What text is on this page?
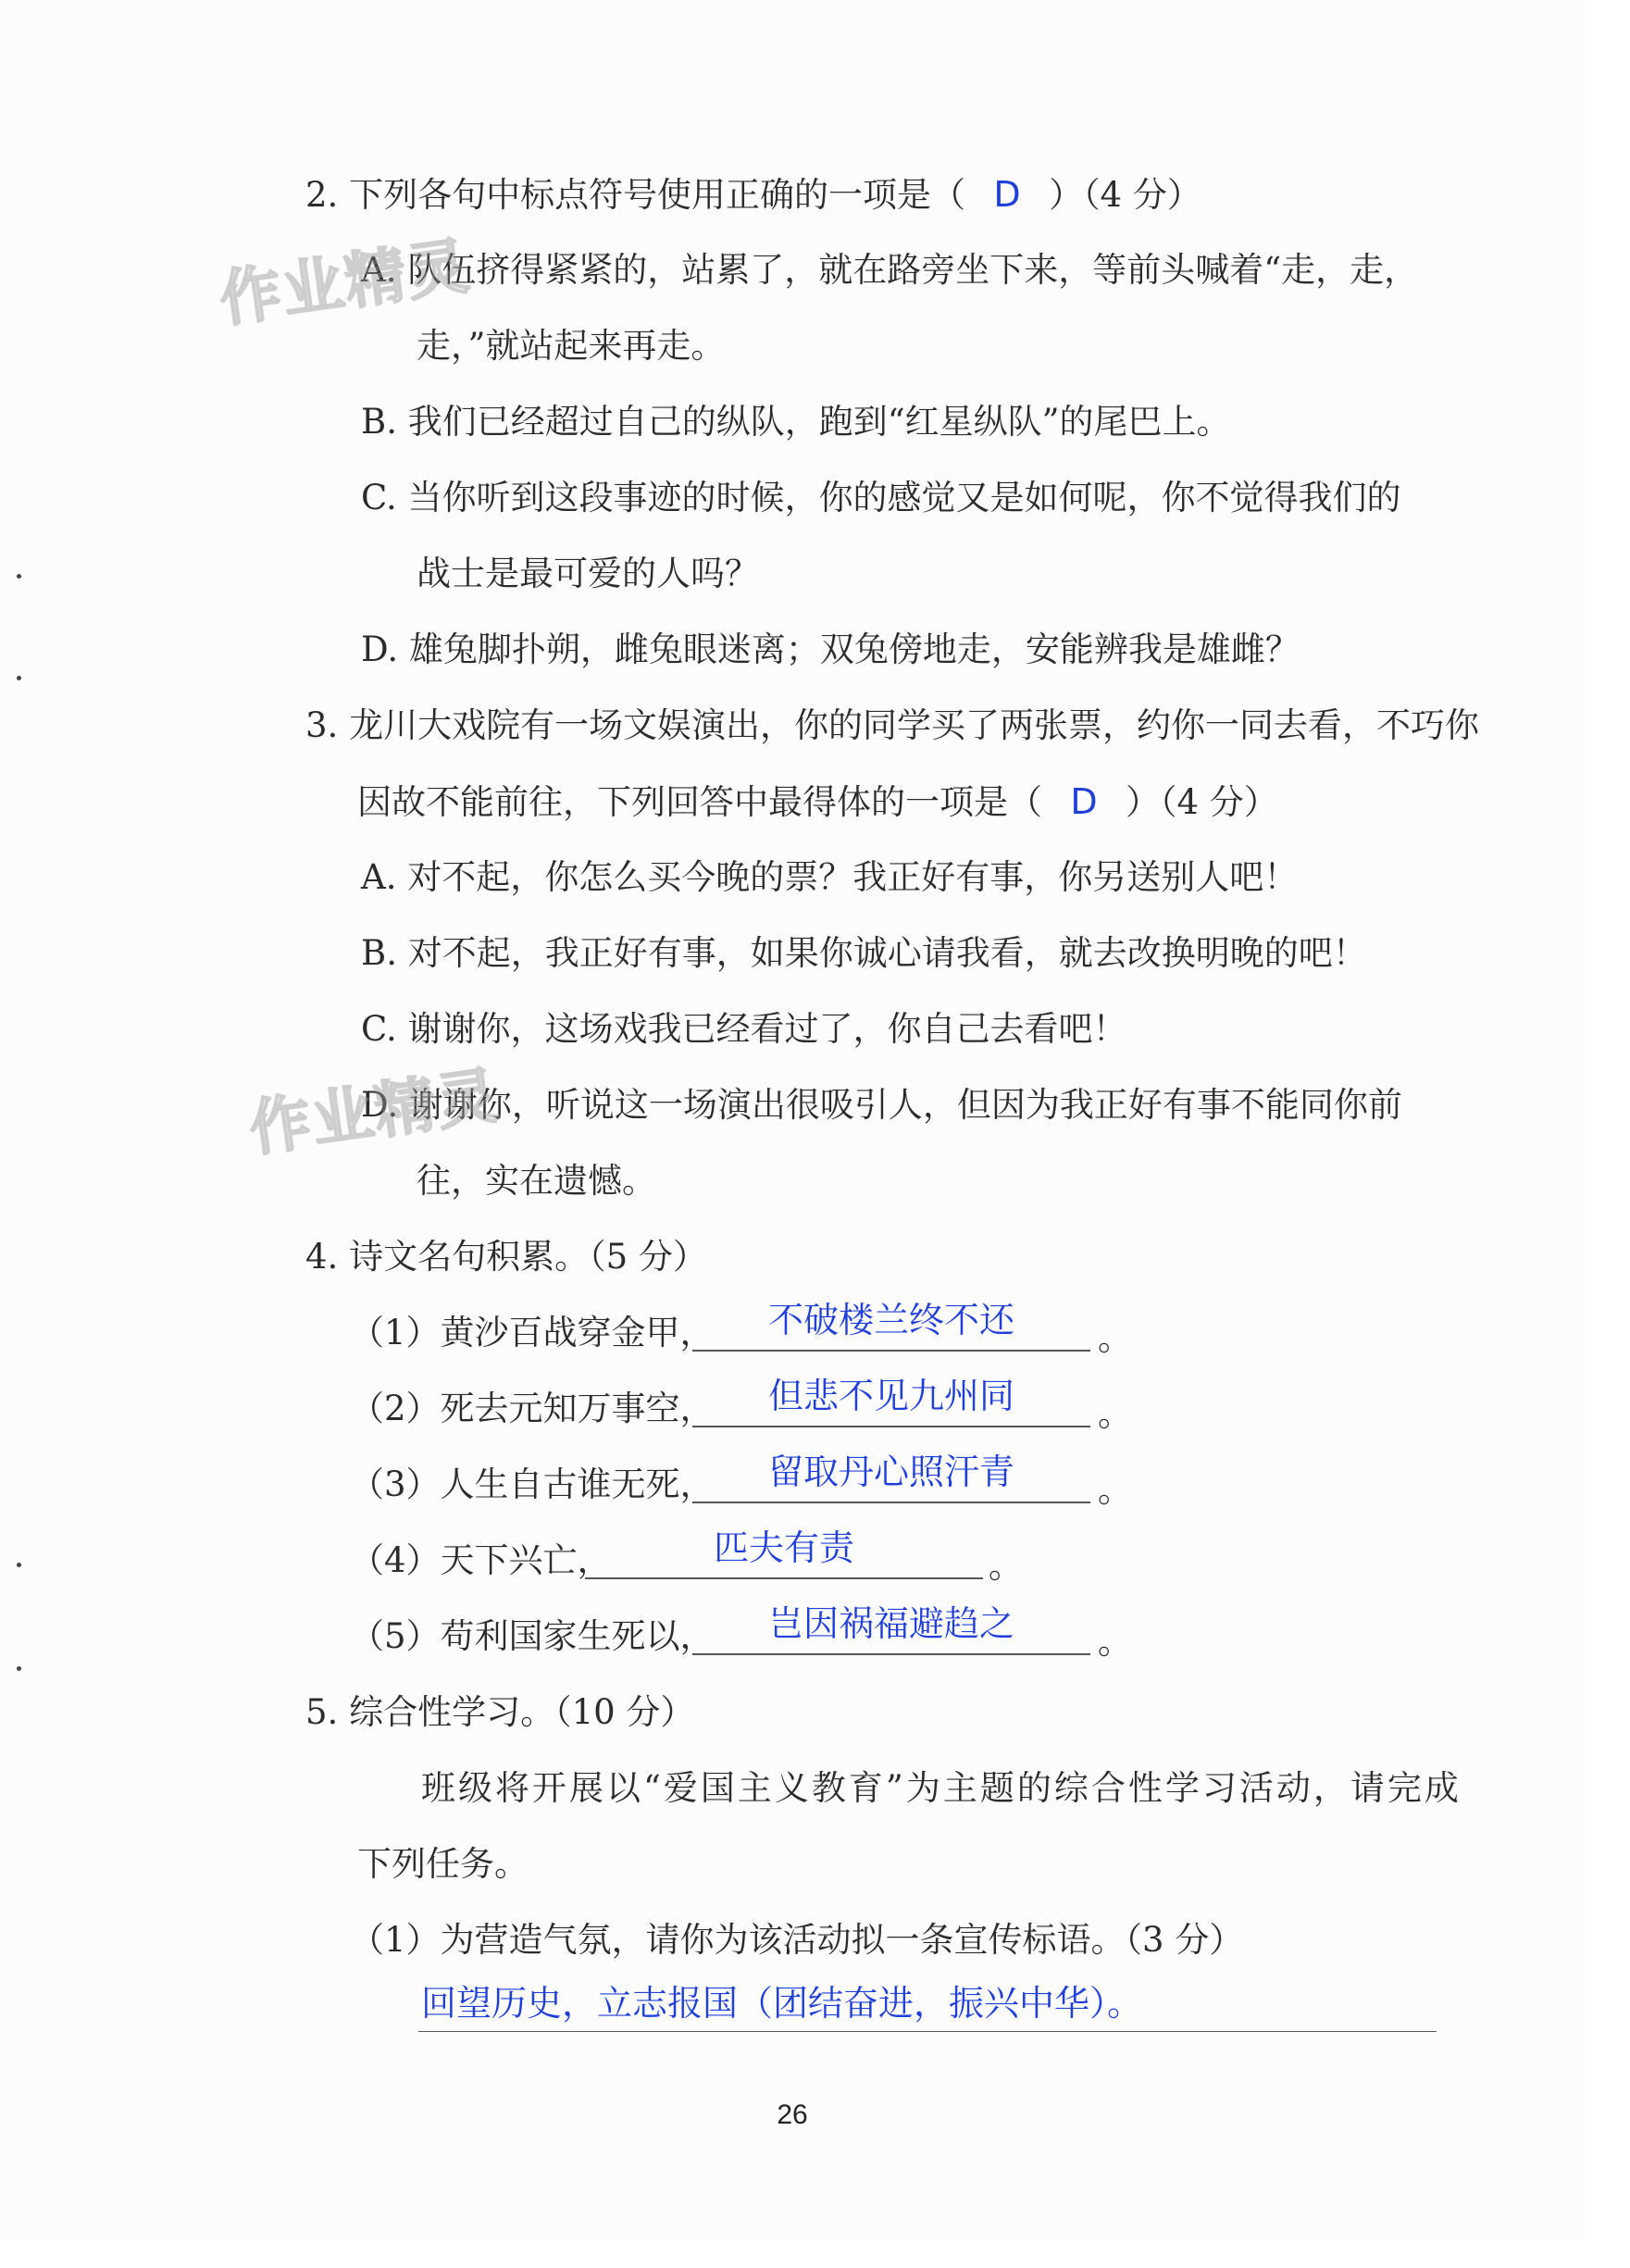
2. 下列各句中标点符号使用正确的一项是（ D ）（4 分）
A. 队伍挤得紧紧的，站累了，就在路旁坐下来，等前头喊着“走，走，
走，”就站起来再走。
B. 我们已经超过自己的纵队，跑到“红星纵队”的尾巴上。
C. 当你听到这段事迹的时候，你的感觉又是如何呢，你不觉得我们的
战士是最可爱的人吗？
D. 雄兔脚扑朔，雌兔眼迷离；双兔傍地走，安能辨我是雄雌？
3. 龙川大戏院有一场文娱演出，你的同学买了两张票，约你一同去看，不巧你
因故不能前往，下列回答中最得体的一项是（ D ）（4 分）
A. 对不起，你怎么买今晚的票？我正好有事，你另送别人吧！
B. 对不起，我正好有事，如果你诚心请我看，就去改换明晚的吧！
C. 谢谢你，这场戏我已经看过了，你自己去看吧！
D. 谢谢你，听说这一场演出很吸引人，但因为我正好有事不能同你前
往，实在遗憾。
4. 诗文名句积累。（5 分）
（1）黄沙百战穿金甲，	不破楼兰终不还	。
（2）死去元知万事空，	但悲不见九州同	。
（3）人生自古谁无死，	留取丹心照汗青	。
（4）天下兴亡，	匹夫有责	。
（5）苟利国家生死以，	岂因祸福避趋之	。
5. 综合性学习。（10 分）
班级将开展以“爱国主义教育”为主题的综合性学习活动，请完成
下列任务。
（1）为营造气氛，请你为该活动拟一条宣传标语。（3 分）
回望历史，立志报国（团结奋进，振兴中华）。
作业精灵
作业精灵
26
